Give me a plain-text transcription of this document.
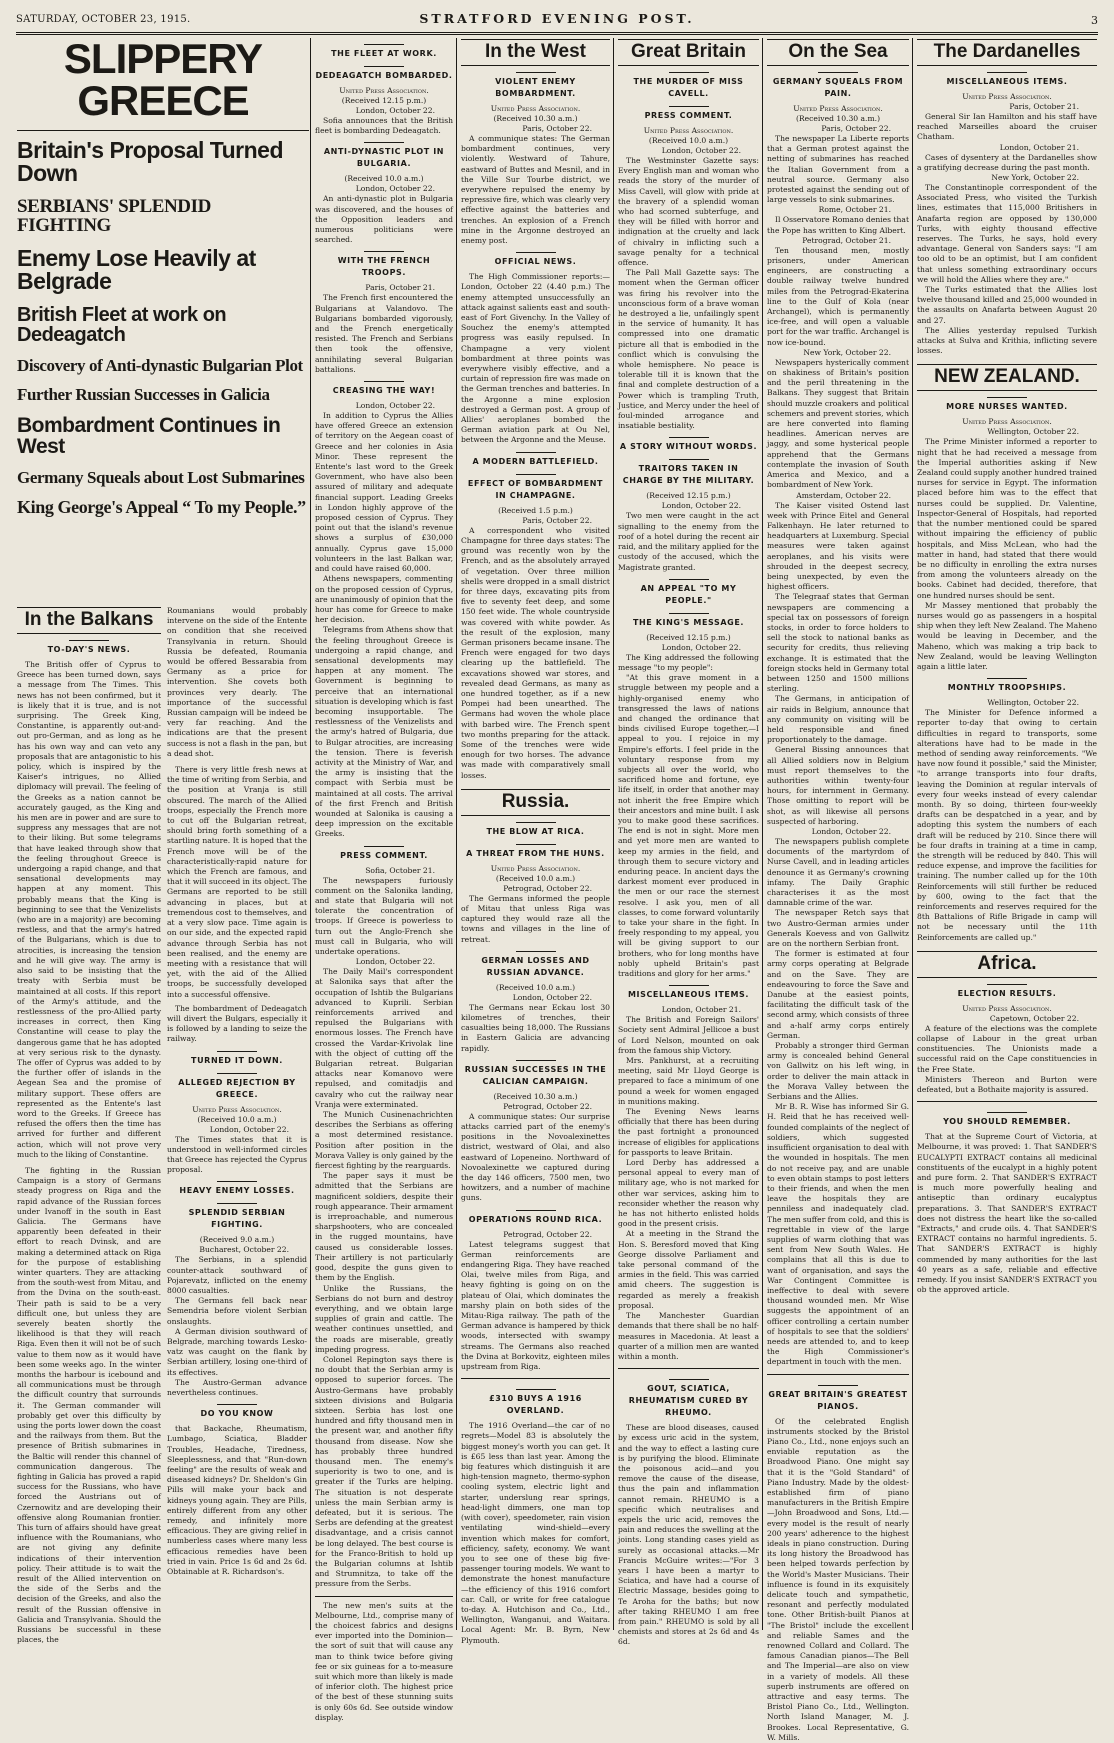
SATURDAY, OCTOBER 23, 1915.	STRATFORD EVENING POST.	3
SLIPPERY GREECE
Britain's Proposal Turned Down
SERBIANS' SPLENDID FIGHTING
Enemy Lose Heavily at Belgrade
British Fleet at work on Dedeagatch
Discovery of Anti-dynastic Bulgarian Plot
Further Russian Successes in Galicia
Bombardment Continues in West
Germany Squeals about Lost Submarines
King George's Appeal “ To my People.”
In the Balkans
TO-DAY'S NEWS.

The British offer of Cyprus to Greece has been turned down, says a message from The Times. This news has not been confirmed, but it is likely that it is true, and is not surprising. The Greek King, Constantine, is apparently out-and-out pro-German, and as long as he has his own way and can veto any proposals that are antagonistic to his policy, which is inspired by the Kaiser's intrigues, no Allied diplomacy will prevail. The feeling of the Greeks as a nation cannot be accurately gauged, as the King and his men are in power and are sure to suppress any messages that are not to their liking. But some telegrams that have leaked through show that the feeling throughout Greece is undergoing a rapid change, and that sensational developments may happen at any moment. This probably means that the King is beginning to see that the Venizelists (who are in a majority) are becoming restless, and that the army's hatred of the Bulgarians, which is due to atrocities, is increasing the tension and he will give way. The army is also said to be insisting that the treaty with Serbia must be maintained at all costs. If this report of the Army's attitude, and the restlessness of the pro-Allied party increases in correct, then King Constantine will cease to play the dangerous game that he has adopted at very serious risk to the dynasty. The offer of Cyprus was added to by the further offer of islands in the Aegean Sea and the promise of military support. These offers are represented as the Entente's last word to the Greeks. If Greece has refused the offers then the time has arrived for further and different action, which will not prove very much to the liking of Constantine.

The fighting in the Russian Campaign is a story of Germans steady progress on Riga and the rapid advance of the Russian forces under Ivanoff in the south in East Galicia. The Germans have apparently been defeated in their effort to reach Dvinsk, and are making a determined attack on Riga for the purpose of establishing winter quarters. They are attacking from the south-west from Mitau, and from the Dvina on the south-east. Their path is said to be a very difficult one, but unless they are severely beaten shortly the likelihood is that they will reach Riga. Even then it will not be of such value to them now as it would have been some weeks ago. In the winter months the harbour is icebound and all communications must be through the difficult country that surrounds it. The German commander will probably get over this difficulty by using the ports lower down the coast and the railways from them. But the presence of British submarines in the Baltic will render this channel of communication dangerous. The fighting in Galicia has proved a rapid success for the Russians, who have forced the Austrians out of Czernowitz and are developing their offensive along Roumanian frontier. This turn of affairs should have great influence with the Roumanians, who are not giving any definite indications of their intervention policy. Their attitude is to wait the result of the Allied intervention on the side of the Serbs and the decision of the Greeks, and also the result of the Russian offensive in Galicia and Transylvania. Should the Russians be successful in these places, the

Roumanians would probably intervene on the side of the Entente on condition that she received Transylvania in return. Should Russia be defeated, Roumania would be offered Bessarabia from Germany as a price for intervention. She covets both provinces very dearly. The importance of the successful Russian campaign will be indeed be very far reaching. And the indications are that the present success is not a flash in the pan, but a dead shot.

There is very little fresh news at the time of writing from Serbia, and the position at Vranja is still obscured. The march of the Allied troops, especially the French more to cut off the Bulgarian retreat, should bring forth something of a startling nature. It is hoped that the French move will be of the characteristically-rapid nature for which the French are famous, and that it will succeed in its object. The Germans are reported to be still advancing in places, but at tremendous cost to themselves, and at a very slow pace. Time again is on our side, and the expected rapid advance through Serbia has not been realised, and the enemy are meeting with a resistance that will yet, with the aid of the Allied troops, be successfully developed into a successful offensive.

The bombardment of Dedeagatch will divert the Bulgars, especially it is followed by a landing to seize the railway.

TURNED IT DOWN.
ALLEGED REJECTION BY GREECE.
United Press Association.
(Received 10.0 a.m.)
London, October 22.

The Times states that it is understood in well-informed circles that Greece has rejected the Cyprus proposal.

HEAVY ENEMY LOSSES.
SPLENDID SERBIAN FIGHTING.
(Received 9.0 a.m.)
Bucharest, October 22.

The Serbians, in a splendid counter-attack southward of Pojarevatz, inflicted on the enemy 8000 casualties.

The Germans fell back near Semendria before violent Serbian onslaughts.

A German division southward of Belgrade, marching towards Lesko-vatz was caught on the flank by Serbian artillery, losing one-third of its effectives.

The Austro-German advance nevertheless continues.

DO YOU KNOW

that Backache, Rheumatism, Lumbago, Sciatica, Bladder Troubles, Headache, Tiredness, Sleeplessness, and that "Run-down feeling" are the results of weak and diseased kidneys? Dr. Sheldon's Gin Pills will make your back and kidneys young again. They are Pills, entirely different from any other remedy, and infinitely more efficacious. They are giving relief in numberless cases where many less efficacious remedies have been tried in vain. Price 1s 6d and 2s 6d. Obtainable at R. Richardson's.

THE FLEET AT WORK.
DEDEAGATCH BOMBARDED.
United Press Association.
(Received 12.15 p.m.)
London, October 22.

Sofia announces that the British fleet is bombarding Dedeagatch.

ANTI-DYNASTIC PLOT IN BULGARIA.
(Received 10.0 a.m.)
London, October 22.

An anti-dynastic plot in Bulgaria was discovered, and the houses of the Opposition leaders and numerous politicians were searched.

WITH THE FRENCH TROOPS.
Paris, October 21.

The French first encountered the Bulgarians at Valandovo. The Bulgarians bombarded vigorously, and the French energetically resisted. The French and Serbians then took the offensive, annihilating several Bulgarian battalions.

CREASING THE WAY!
London, October 22.

In addition to Cyprus the Allies have offered Greece an extension of territory on the Aegean coast of Greece and her colonies in Asia Minor. These represent the Entente's last word to the Greek Government, who have also been assured of military and adequate financial support. Leading Greeks in London highly approve of the proposed cession of Cyprus. They point out that the island's revenue shows a surplus of £30,000 annually. Cyprus gave 15,000 volunteers in the last Balkan war, and could have raised 60,000.

Athens newspapers, commenting on the proposed cession of Cyprus, are unanimously of opinion that the hour has come for Greece to make her decision.

Telegrams from Athens show that the feeling throughout Greece is undergoing a rapid change, and sensational developments may happen at any moment. The Government is beginning to perceive that an international situation is developing which is fast becoming insupportable. The restlessness of the Venizelists and the army's hatred of Bulgaria, due to Bulgar atrocities, are increasing the tension. There is feverish activity at the Ministry of War, and the army is insisting that the compact with Serbia must be maintained at all costs. The arrival of the first French and British wounded at Salonika is causing a deep impression on the excitable Greeks.

PRESS COMMENT.
Sofia, October 21.

The newspapers furiously comment on the Salonika landing, and state that Bulgaria will not tolerate the concentration of troops. If Greece is powerless to turn out the Anglo-French she must call in Bulgaria, who will undertake operations.

London, October 22.

The Daily Mail's correspondent at Salonika says that after the occupation of Ishtib the Bulgarians advanced to Kuprili. Serbian reinforcements arrived and repulsed the Bulgarians with enormous losses. The French have crossed the Vardar-Krivolak line with the object of cutting off the Bulgarian retreat. Bulgarian attacks near Komanovo were repulsed, and comitadjis and cavalry who cut the railway near Vranja were exterminated.

The Munich Cusinenachrichten describes the Serbians as offering a most determined resistance. Position after position in the Morava Valley is only gained by the fiercest fighting by the rearguards.

The paper says it must be admitted that the Serbians are magnificent soldiers, despite their rough appearance. Their armament is irreproachable, and numerous sharpshooters, who are concealed in the rugged mountains, have caused us considerable losses. Their artillery is not particularly good, despite the guns given to them by the English.

Unlike the Russians, the Serbians do not burn and destroy everything, and we obtain large supplies of grain and cattle. The weather continues unsettled, and the roads are miserable, greatly impeding progress.

Colonel Repington says there is no doubt that the Serbian army is opposed to superior forces. The Austro-Germans have probably sixteen divisions and Bulgaria sixteen. Serbia has lost one hundred and fifty thousand men in the present war, and another fifty thousand from disease. Now she has probably three hundred thousand men. The enemy's superiority is two to one, and is greater if the Turks are helping. The situation is not desperate unless the main Serbian army is defeated, but it is serious. The Serbs are defending at the greatest disadvantage, and a crisis cannot be long delayed. The best course is for the Franco-British to hold up the Bulgarian columns at Ishtib and Strumnitza, to take off the pressure from the Serbs.

The new men's suits at the Melbourne, Ltd., comprise many of the choicest fabrics and designs ever imported into the Dominion—the sort of suit that will cause any man to think twice before giving fee or six guineas for a to-measure suit which more than likely is made of inferior cloth. The highest price of the best of these stunning suits is only 60s 6d. See outside window display.

In the West
VIOLENT ENEMY BOMBARDMENT.
United Press Association.
(Received 10.30 a.m.)
Paris, October 22.

A communique states: The German bombardment continues, very violently. Westward of Tahure, eastward of Buttes and Mesnil, and in the Ville Sur Tourbe district, we everywhere repulsed the enemy by repressive fire, which was clearly very effective against the batteries and trenches. An explosion of a French mine in the Argonne destroyed an enemy post.

OFFICIAL NEWS.

The High Commissioner reports:— London, October 22 (4.40 p.m.) The enemy attempted unsuccessfully an attack against salients east and south-east of Fort Givenchy. In the Valley of Souchez the enemy's attempted progress was easily repulsed. In Champagne a very violent bombardment at three points was everywhere visibly effective, and a curtain of repression fire was made on the German trenches and batteries. In the Argonne a mine explosion destroyed a German post. A group of Allies' aeroplanes bombed the German aviation park at Ou Nel, between the Argonne and the Meuse.

A MODERN BATTLEFIELD.
EFFECT OF BOMBARDMENT IN CHAMPAGNE.
(Received 1.5 p.m.)
Paris, October 22.

A correspondent who visited Champagne for three days states: The ground was recently won by the French, and as the absolutely arrayed of vegetation. Over three million shells were dropped in a small district for three days, excavating pits from five to seventy feet deep, and some 150 feet wide. The whole countryside was covered with white powder. As the result of the explosion, many German prisoners became insane. The French were engaged for two days clearing up the battlefield. The excavations showed war stores, and revealed dead Germans, as many as one hundred together, as if a new Pompei had been unearthed. The Germans had woven the whole place with barbed wire. The French spent two months preparing for the attack. Some of the trenches were wide enough for two horses. The advance was made with comparatively small losses.

Russia.
THE BLOW AT RICA.
A THREAT FROM THE HUNS.
United Press Association.
(Received 10.0 a.m.)
Petrograd, October 22.

The Germans informed the people of Mitau that unless Riga was captured they would raze all the towns and villages in the line of retreat.

GERMAN LOSSES AND RUSSIAN ADVANCE.
(Received 10.0 a.m.)
London, October 22.

The Germans near Eckau lost 30 kilometres of trenches, their casualties being 18,000. The Russians in Eastern Galicia are advancing rapidly.

RUSSIAN SUCCESSES IN THE CALICIAN CAMPAIGN.
(Received 10.30 a.m.)
Petrograd, October 22.

A communique states: Our surprise attacks carried part of the enemy's positions in the Novoalexinettes district, westward of Olai, and also eastward of Lopeneino. Northward of Novoalexinette we captured during the day 146 officers, 7500 men, two howitzers, and a number of machine guns.

OPERATIONS ROUND RICA.
Petrograd, October 22.

Latest telegrams suggest that German reinforcements are endangering Riga. They have reached Olai, twelve miles from Riga, and heavy fighting is going on on the plateau of Olai, which dominates the marshy plain on both sides of the Mitau-Riga railway. The path of the German advance is hampered by thick woods, intersected with swampy streams. The Germans also reached the Dvina at Borkovitz, eighteen miles upstream from Riga.

£310 BUYS A 1916 OVERLAND.

The 1916 Overland—the car of no regrets—Model 83 is absolutely the biggest money's worth you can get. It is £65 less than last year. Among the big features which distinguish it are high-tension magneto, thermo-syphon cooling system, electric light and starter, underslung rear springs, head-light dimmers, one man top (with cover), speedometer, rain vision ventilating wind-shield—every invention which makes for comfort, efficiency, safety, economy. We want you to see one of these big five-passenger touring models. We want to demonstrate the honest manufacture—the efficiency of this 1916 comfort car. Call, or write for free catalogue to-day. A. Hutchison and Co., Ltd., Wellington, Wanganui, and Waitara. Local Agent: Mr. B. Byrn, New Plymouth.

Great Britain
THE MURDER OF MISS CAVELL.
PRESS COMMENT.
United Press Association.
(Received 10.0 a.m.)
London, October 22.

The Westminster Gazette says: Every English man and woman who reads the story of the murder of Miss Cavell, will glow with pride at the bravery of a splendid woman who had scorned subterfuge, and they will be filled with horror and indignation at the cruelty and lack of chivalry in inflicting such a savage penalty for a technical offence.

The Pall Mall Gazette says: The moment when the German officer was firing his revolver into the unconscious form of a brave woman he destroyed a lie, unfailingly spent in the service of humanity. It has compressed into one dramatic picture all that is embodied in the conflict which is convulsing the whole hemisphere. No peace is tolerable till it is known that the final and complete destruction of a Power which is trampling Truth, Justice, and Mercy under the heel of foul-minded arrogance and insatiable bestiality.

A STORY WITHOUT WORDS.
TRAITORS TAKEN IN CHARGE BY THE MILITARY.
(Received 12.15 p.m.)
London, October 22.

Two men were caught in the act signalling to the enemy from the roof of a hotel during the recent air raid, and the military applied for the custody of the accused, which the Magistrate granted.

AN APPEAL "TO MY PEOPLE."
THE KING'S MESSAGE.
(Received 12.15 p.m.)
London, October 22.

The King addressed the following message "to my people":

"At this grave moment in a struggle between my people and a highly-organised enemy who transgressed the laws of nations and changed the ordinance that binds civilised Europe together,—I appeal to you. I rejoice in my Empire's efforts. I feel pride in the voluntary response from my subjects all over the world, who sacrificed home and fortune, eye life itself, in order that another may not inherit the free Empire which their ancestors and mine built. I ask you to make good these sacrifices. The end is not in sight. More men and yet more men are wanted to keep my armies in the field, and through them to secure victory and enduring peace. In ancient days the darkest moment ever produced in the men or our race the sternest resolve. I ask you, men of all classes, to come forward voluntarily to take your share in the fight. In freely responding to my appeal, you will be giving support to our brothers, who for long months have nobly upheld Britain's past traditions and glory for her arms."

MISCELLANEOUS ITEMS.
London, October 21.

The British and Foreign Sailors' Society sent Admiral Jellicoe a bust of Lord Nelson, mounted on oak from the famous ship Victory.

Mrs. Pankhurst, at a recruiting meeting, said Mr Lloyd George is prepared to face a minimum of one pound a week for women engaged in munitions making.

The Evening News learns officially that there has been during the past fortnight a pronounced increase of eligibles for applications for passports to leave Britain.

Lord Derby has addressed a personal appeal to every man of military age, who is not marked for other war services, asking him to reconsider whether the reason why he has not hitherto enlisted holds good in the present crisis.

At a meeting in the Strand the Hon. S. Beresford moved that King George dissolve Parliament and take personal command of the armies in the field. This was carried amid cheers. The suggestion is regarded as merely a freakish proposal.

The Manchester Guardian demands that there shall be no half-measures in Macedonia. At least a quarter of a million men are wanted within a month.

GOUT, SCIATICA, RHEUMATISM CURED BY RHEUMO.

These are blood diseases, caused by excess uric acid in the system, and the way to effect a lasting cure is by purifying the blood. Eliminate the poisonous acid—and you remove the cause of the disease, thus the pain and inflammation cannot remain. RHEUMO is a specific which neutralises and expels the uric acid, removes the pain and reduces the swelling at the joints. Long standing cases yield as surely as occasional attacks.—Mr Francis McGuire writes:—"For 3 years I have been a martyr to Sciatica, and have had a course of Electric Massage, besides going to Te Aroha for the baths; but now after taking RHEUMO I am free from pain." RHEUMO is sold by all chemists and stores at 2s 6d and 4s 6d.

On the Sea
GERMANY SQUEALS FROM PAIN.
United Press Association.
(Received 10.30 a.m.)
Paris, October 22.

The newspaper La Liberte reports that a German protest against the netting of submarines has reached the Italian Government from a neutral source. Germany also protested against the sending out of large vessels to sink submarines.

Rome, October 21.

Il Osservatore Romano denies that the Pope has written to King Albert.

Petrograd, October 21.

Ten thousand men, mostly prisoners, under American engineers, are constructing a double railway twelve hundred miles from the Petrograd-Ekaterina line to the Gulf of Kola (near Archangel), which is permanently ice-free, and will open a valuable port for the war traffic. Archangel is now ice-bound.

New York, October 22.

Newspapers hysterically comment on shakiness of Britain's position and the peril threatening in the Balkans. They suggest that Britain should muzzle croakers and political schemers and prevent stories, which are here converted into flaming headlines. American nerves are jaggy, and some hysterical people apprehend that the Germans contemplate the invasion of South America and Mexico, and a bombardment of New York.

Amsterdam, October 22.

The Kaiser visited Ostend last week with Prince Eitel and General Falkenhayn. He later returned to headquarters at Luxemburg. Special measures were taken against aeroplanes, and his visits were shrouded in the deepest secrecy, being unexpected, by even the highest officers.

The Telegraaf states that German newspapers are commencing a special tax on possessors of foreign stocks, in order to force holders to sell the stock to national banks as security for credits, thus relieving exchange. It is estimated that the foreign stocks held in Germany total between 1250 and 1500 millions sterling.

The Germans, in anticipation of air raids in Belgium, announce that any community on visiting will be held responsible and fined proportionately to the damage.

General Bissing announces that all Allied soldiers now in Belgium must report themselves to the authorities within twenty-four hours, for internment in Germany. Those omitting to report will be shot, as will likewise all persons suspected of harboring.

London, October 22.

The newspapers publish complete documents of the martyrdom of Nurse Cavell, and in leading articles denounce it as Germany's crowning infamy. The Daily Graphic characterises it as the most damnable crime of the war.

The newspaper Retch says that two Austro-German armies under Generals Koevess and von Gallwitz are on the northern Serbian front.

The former is estimated at four army corps operating at Belgrade and on the Save. They are endeavouring to force the Save and Danube at the easiest points, facilitating the difficult task of the second army, which consists of three and a-half army corps entirely German.

Probably a stronger third German army is concealed behind General von Gallwitz on his left wing, in order to deliver the main attack in the Morava Valley between the Serbians and the Allies.

Mr B. R. Wise has informed Sir G. H. Reid that he has received well-founded complaints of the neglect of soldiers, which suggested insufficient organisation to deal with the wounded in hospitals. The men do not receive pay, and are unable to even obtain stamps to post letters to their friends, and when the men leave the hospitals they are penniless and inadequately clad. The men suffer from cold, and this is regrettable in view of the large supplies of warm clothing that was sent from New South Wales. He complains that all this is due to want of organisation, and says the War Contingent Committee is ineffective to deal with severe thousand wounded men. Mr Wise suggests the appointment of an officer controlling a certain number of hospitals to see that the soldiers' needs are attended to, and to keep the High Commissioner's department in touch with the men.

GREAT BRITAIN'S GREATEST PIANOS.

Of the celebrated English instruments stocked by the Bristol Piano Co., Ltd., none enjoys such an enviable reputation as the Broadwood Piano. One might say that it is the "Gold Standard" of Piano Industry. Made by the oldest-established firm of piano manufacturers in the British Empire—John Broadwood and Sons, Ltd.—every model is the result of nearly 200 years' adherence to the highest ideals in piano construction. During its long history the Broadwood has been helped towards perfection by the World's Master Musicians. Their influence is found in its exquisitely delicate touch and sympathetic, resonant and perfectly modulated tone. Other British-built Pianos at "The Bristol" include the excellent and reliable Sames and the renowned Collard and Collard. The famous Canadian pianos—The Bell and The Imperial—are also on view in a variety of models. All these superb instruments are offered on attractive and easy terms. The Bristol Piano Co., Ltd., Wellington. North Island Manager, M. J. Brookes. Local Representative, G. W. Mills.

The Dardanelles
MISCELLANEOUS ITEMS.
United Press Association.
Paris, October 21.

General Sir Ian Hamilton and his staff have reached Marseilles aboard the cruiser Chatham.

London, October 21.

Cases of dysentery at the Dardanelles show a gratifying decrease during the past month.

New York, October 22.

The Constantinople correspondent of the Associated Press, who visited the Turkish lines, estimates that 115,000 Britishers in Anafarta region are opposed by 130,000 Turks, with eighty thousand effective reserves. The Turks, he says, hold every advantage. General von Sanders says: "I am too old to be an optimist, but I am confident that unless something extraordinary occurs we will hold the Allies where they are."

The Turks estimated that the Allies lost twelve thousand killed and 25,000 wounded in the assaults on Anafarta between August 20 and 27.

The Allies yesterday repulsed Turkish attacks at Sulva and Krithia, inflicting severe losses.

NEW ZEALAND.
MORE NURSES WANTED.
United Press Association.
Wellington, October 22.

The Prime Minister informed a reporter to night that he had received a message from the Imperial authorities asking if New Zealand could supply another hundred trained nurses for service in Egypt. The information placed before him was to the effect that nurses could be supplied. Dr. Valentine, Inspector-General of Hospitals, had reported that the number mentioned could be spared without impairing the efficiency of public hospitals, and Miss McLean, who had the matter in hand, had stated that there would be no difficulty in enrolling the extra nurses from among the volunteers already on the books. Cabinet had decided, therefore, that one hundred nurses should be sent.

Mr Massey mentioned that probably the nurses would go as passengers in a hospital ship when they left New Zealand. The Maheno would be leaving in December, and the Maheno, which was making a trip back to New Zealand, would be leaving Wellington again a little later.

MONTHLY TROOPSHIPS.
Wellington, October 22.

The Minister for Defence informed a reporter to-day that owing to certain difficulties in regard to transports, some alterations have had to be made in the method of sending away reinforcements. "We have now found it possible," said the Minister, "to arrange transports into four drafts, leaving the Dominion at regular intervals of every four weeks instead of every calendar month. By so doing, thirteen four-weekly drafts can be despatched in a year, and by adopting this system the numbers of each draft will be reduced by 210. Since there will be four drafts in training at a time in camp, the strength will be reduced by 840. This will reduce expense, and improve the facilities for training. The number called up for the 10th Reinforcements will still further be reduced by 600, owing to the fact that the reinforcements and reserves required for the 8th Battalions of Rifle Brigade in camp will not be necessary until the 11th Reinforcements are called up."

Africa.
ELECTION RESULTS.
United Press Association.
Capetown, October 22.

A feature of the elections was the complete collapse of Labour in the great urban constituencies. The Unionists made a successful raid on the Cape constituencies in the Free State.

Ministers Thereon and Burton were defeated, but a Bothaite majority is assured.

YOU SHOULD REMEMBER.

That at the Supreme Court of Victoria, at Melbourne, it was proved: 1. That SANDER'S EUCALYPTI EXTRACT contains all medicinal constituents of the eucalypt in a highly potent and pure form. 2. That SANDER'S EXTRACT is much more powerfully healing and antiseptic than ordinary eucalyptus preparations. 3. That SANDER'S EXTRACT does not distress the heart like the so-called "Extracts," and crude oils. 4. That SANDER'S EXTRACT contains no harmful ingredients. 5. That SANDER'S EXTRACT is highly commended by many authorities for the last 40 years as a safe, reliable and effective remedy. If you insist SANDER'S EXTRACT you ob the approved article.
